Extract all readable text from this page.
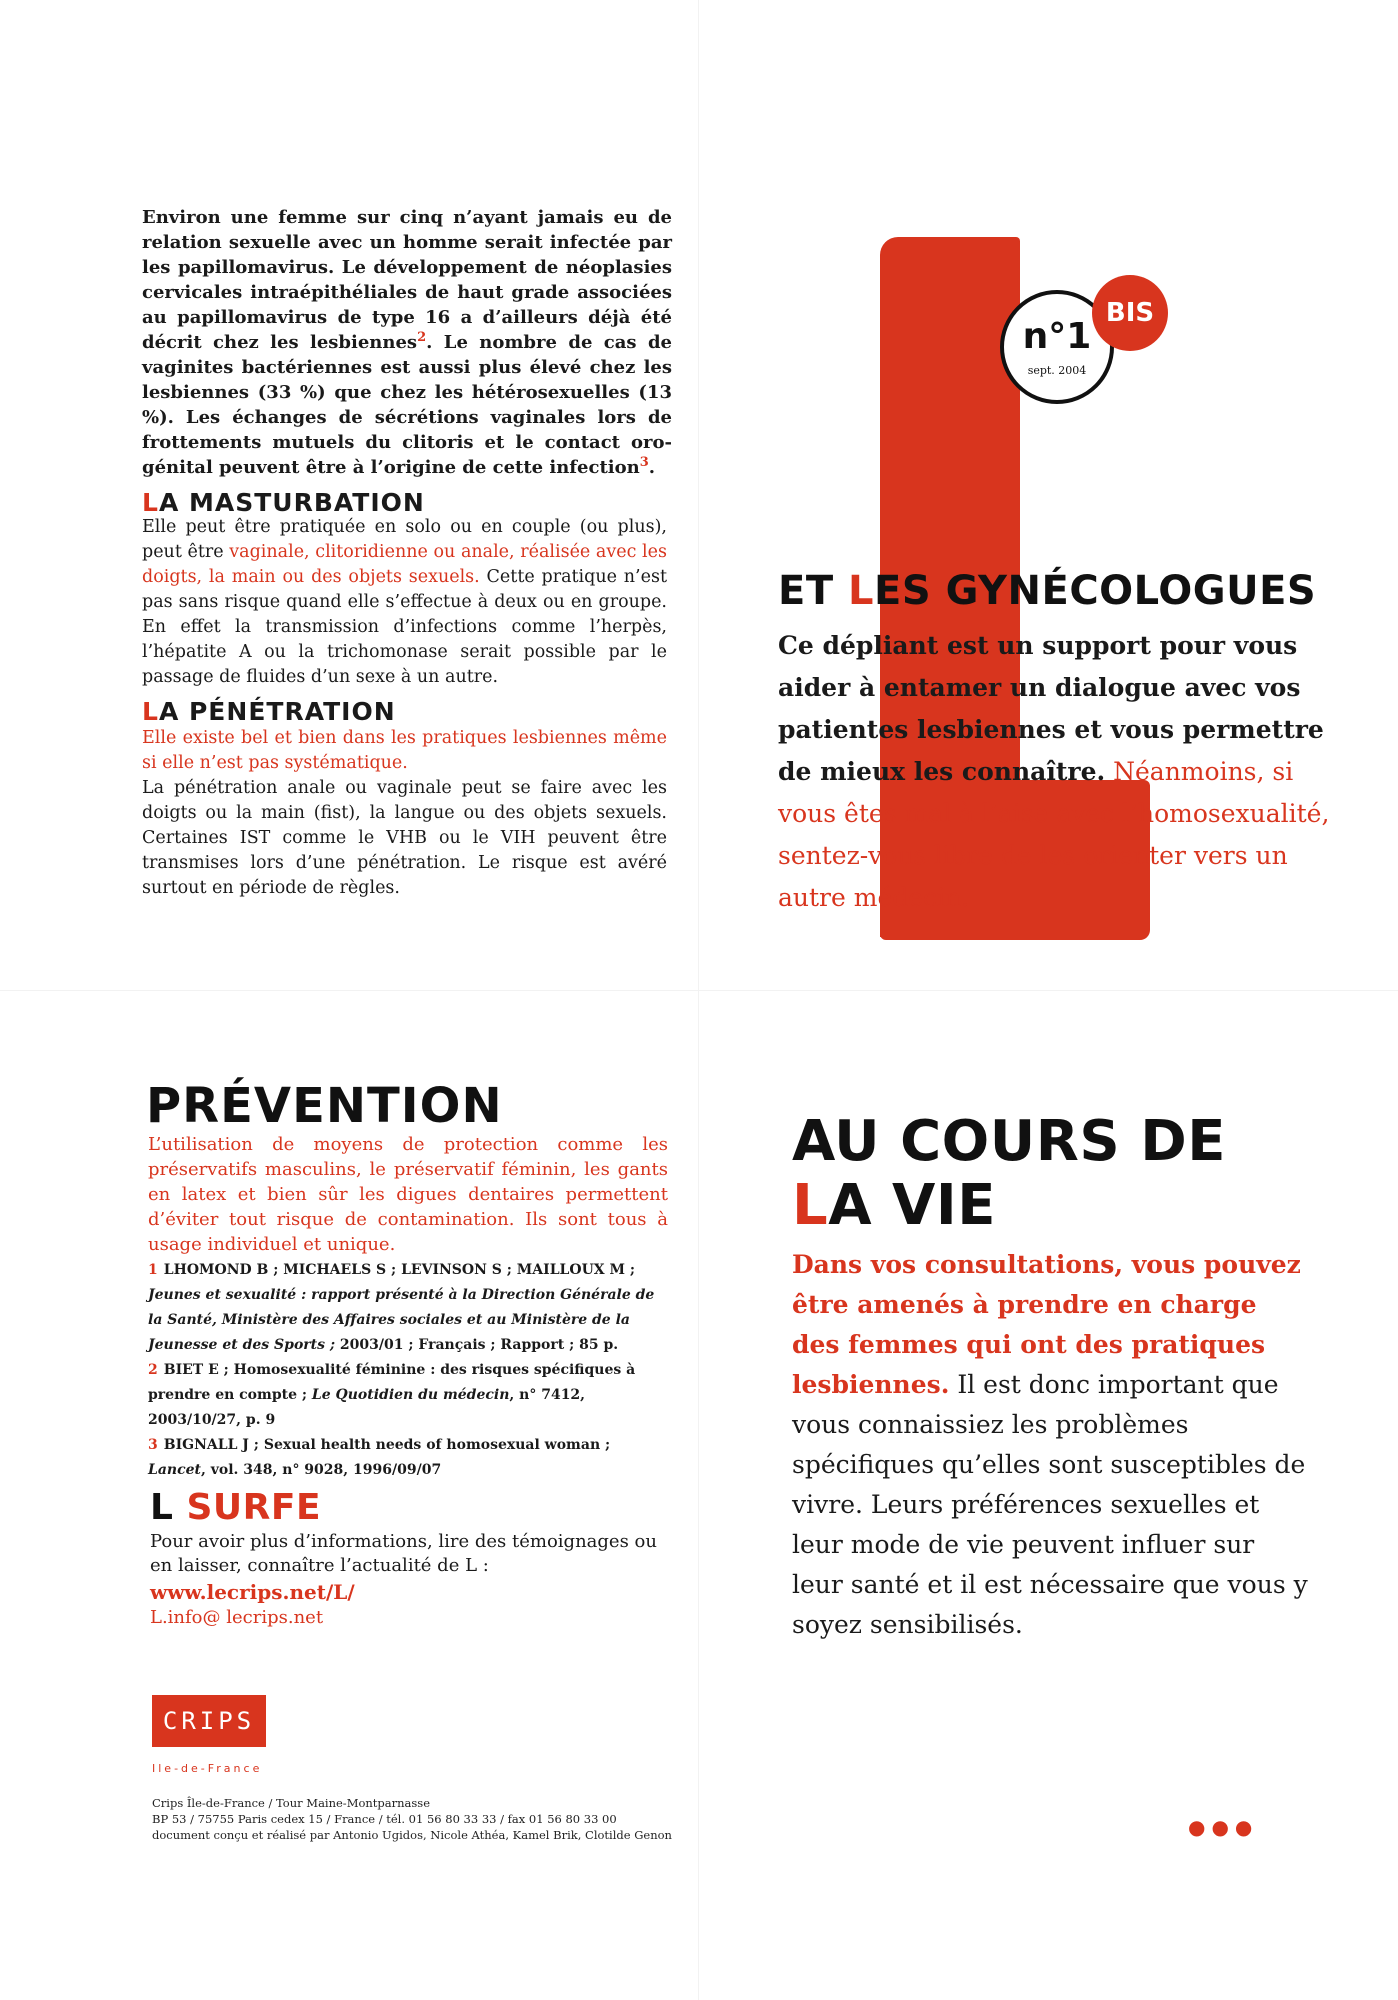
Environ une femme sur cinq n’ayant jamais eu de relation sexuelle avec un homme serait infectée par les papillomavirus. Le développement de néoplasies cervicales intraépithéliales de haut grade associées au papillomavirus de type 16 a d’ailleurs déjà été décrit chez les lesbiennes$^2$. Le nombre de cas de vaginites bactériennes est aussi plus élevé chez les lesbiennes (33 %) que chez les hétérosexuelles (13 %). Les échanges de sécrétions vaginales lors de frottements mutuels du clitoris et le contact oro-génital peuvent être à l’origine de cette infection$^3$.
LA MASTURBATION
Elle peut être pratiquée en solo ou en couple (ou plus), peut être vaginale, clitoridienne ou anale, réalisée avec les doigts, la main ou des objets sexuels. Cette pratique n’est pas sans risque quand elle s’effectue à deux ou en groupe. En effet la transmission d’infections comme l’herpès, l’hépatite A ou la trichomonase serait possible par le passage de fluides d’un sexe à un autre.
LA PÉNÉTRATION
Elle existe bel et bien dans les pratiques lesbiennes même si elle n’est pas systématique.
La pénétration anale ou vaginale peut se faire avec les doigts ou la main (fist), la langue ou des objets sexuels. Certaines IST comme le VHB ou le VIH peuvent être transmises lors d’une pénétration. Le risque est avéré surtout en période de règles.
n°1
sept. 2004
BIS
ET LES GYNÉCOLOGUES
Ce dépliant est un support pour vous aider à entamer un dialogue avec vos patientes lesbiennes et vous permettre de mieux les connaître. Néanmoins, si vous êtes mal à l’aise avec l’homosexualité, sentez-vous libre de les orienter vers un autre médecin.
PRÉVENTION
L’utilisation de moyens de protection comme les préservatifs masculins, le préservatif féminin, les gants en latex et bien sûr les digues dentaires permettent d’éviter tout risque de contamination. Ils sont tous à usage individuel et unique.
1 LHOMOND B ; MICHAELS S ; LEVINSON S ; MAILLOUX M ; Jeunes et sexualité : rapport présenté à la Direction Générale de la Santé, Ministère des Affaires sociales et au Ministère de la Jeunesse et des Sports ; 2003/01 ; Français ; Rapport ; 85 p.
2 BIET E ; Homosexualité féminine : des risques spécifiques à prendre en compte ; Le Quotidien du médecin, n° 7412, 2003/10/27, p. 9
3 BIGNALL J ; Sexual health needs of homosexual woman ; Lancet, vol. 348, n° 9028, 1996/09/07
L SURFE
Pour avoir plus d’informations, lire des témoignages ou en laisser, connaître l’actualité de L :
www.lecrips.net/L/
L.info@ lecrips.net
CRIPS
Ile-de-France
Crips Île-de-France / Tour Maine-Montparnasse
BP 53 / 75755 Paris cedex 15 / France / tél. 01 56 80 33 33 / fax 01 56 80 33 00
document conçu et réalisé par Antonio Ugidos, Nicole Athéa, Kamel Brik, Clotilde Genon
AU COURS DE
LA VIE
Dans vos consultations, vous pouvez être amenés à prendre en charge des femmes qui ont des pratiques lesbiennes. Il est donc important que vous connaissiez les problèmes spécifiques qu’elles sont susceptibles de vivre. Leurs préférences sexuelles et leur mode de vie peuvent influer sur leur santé et il est nécessaire que vous y soyez sensibilisés.
●●●
